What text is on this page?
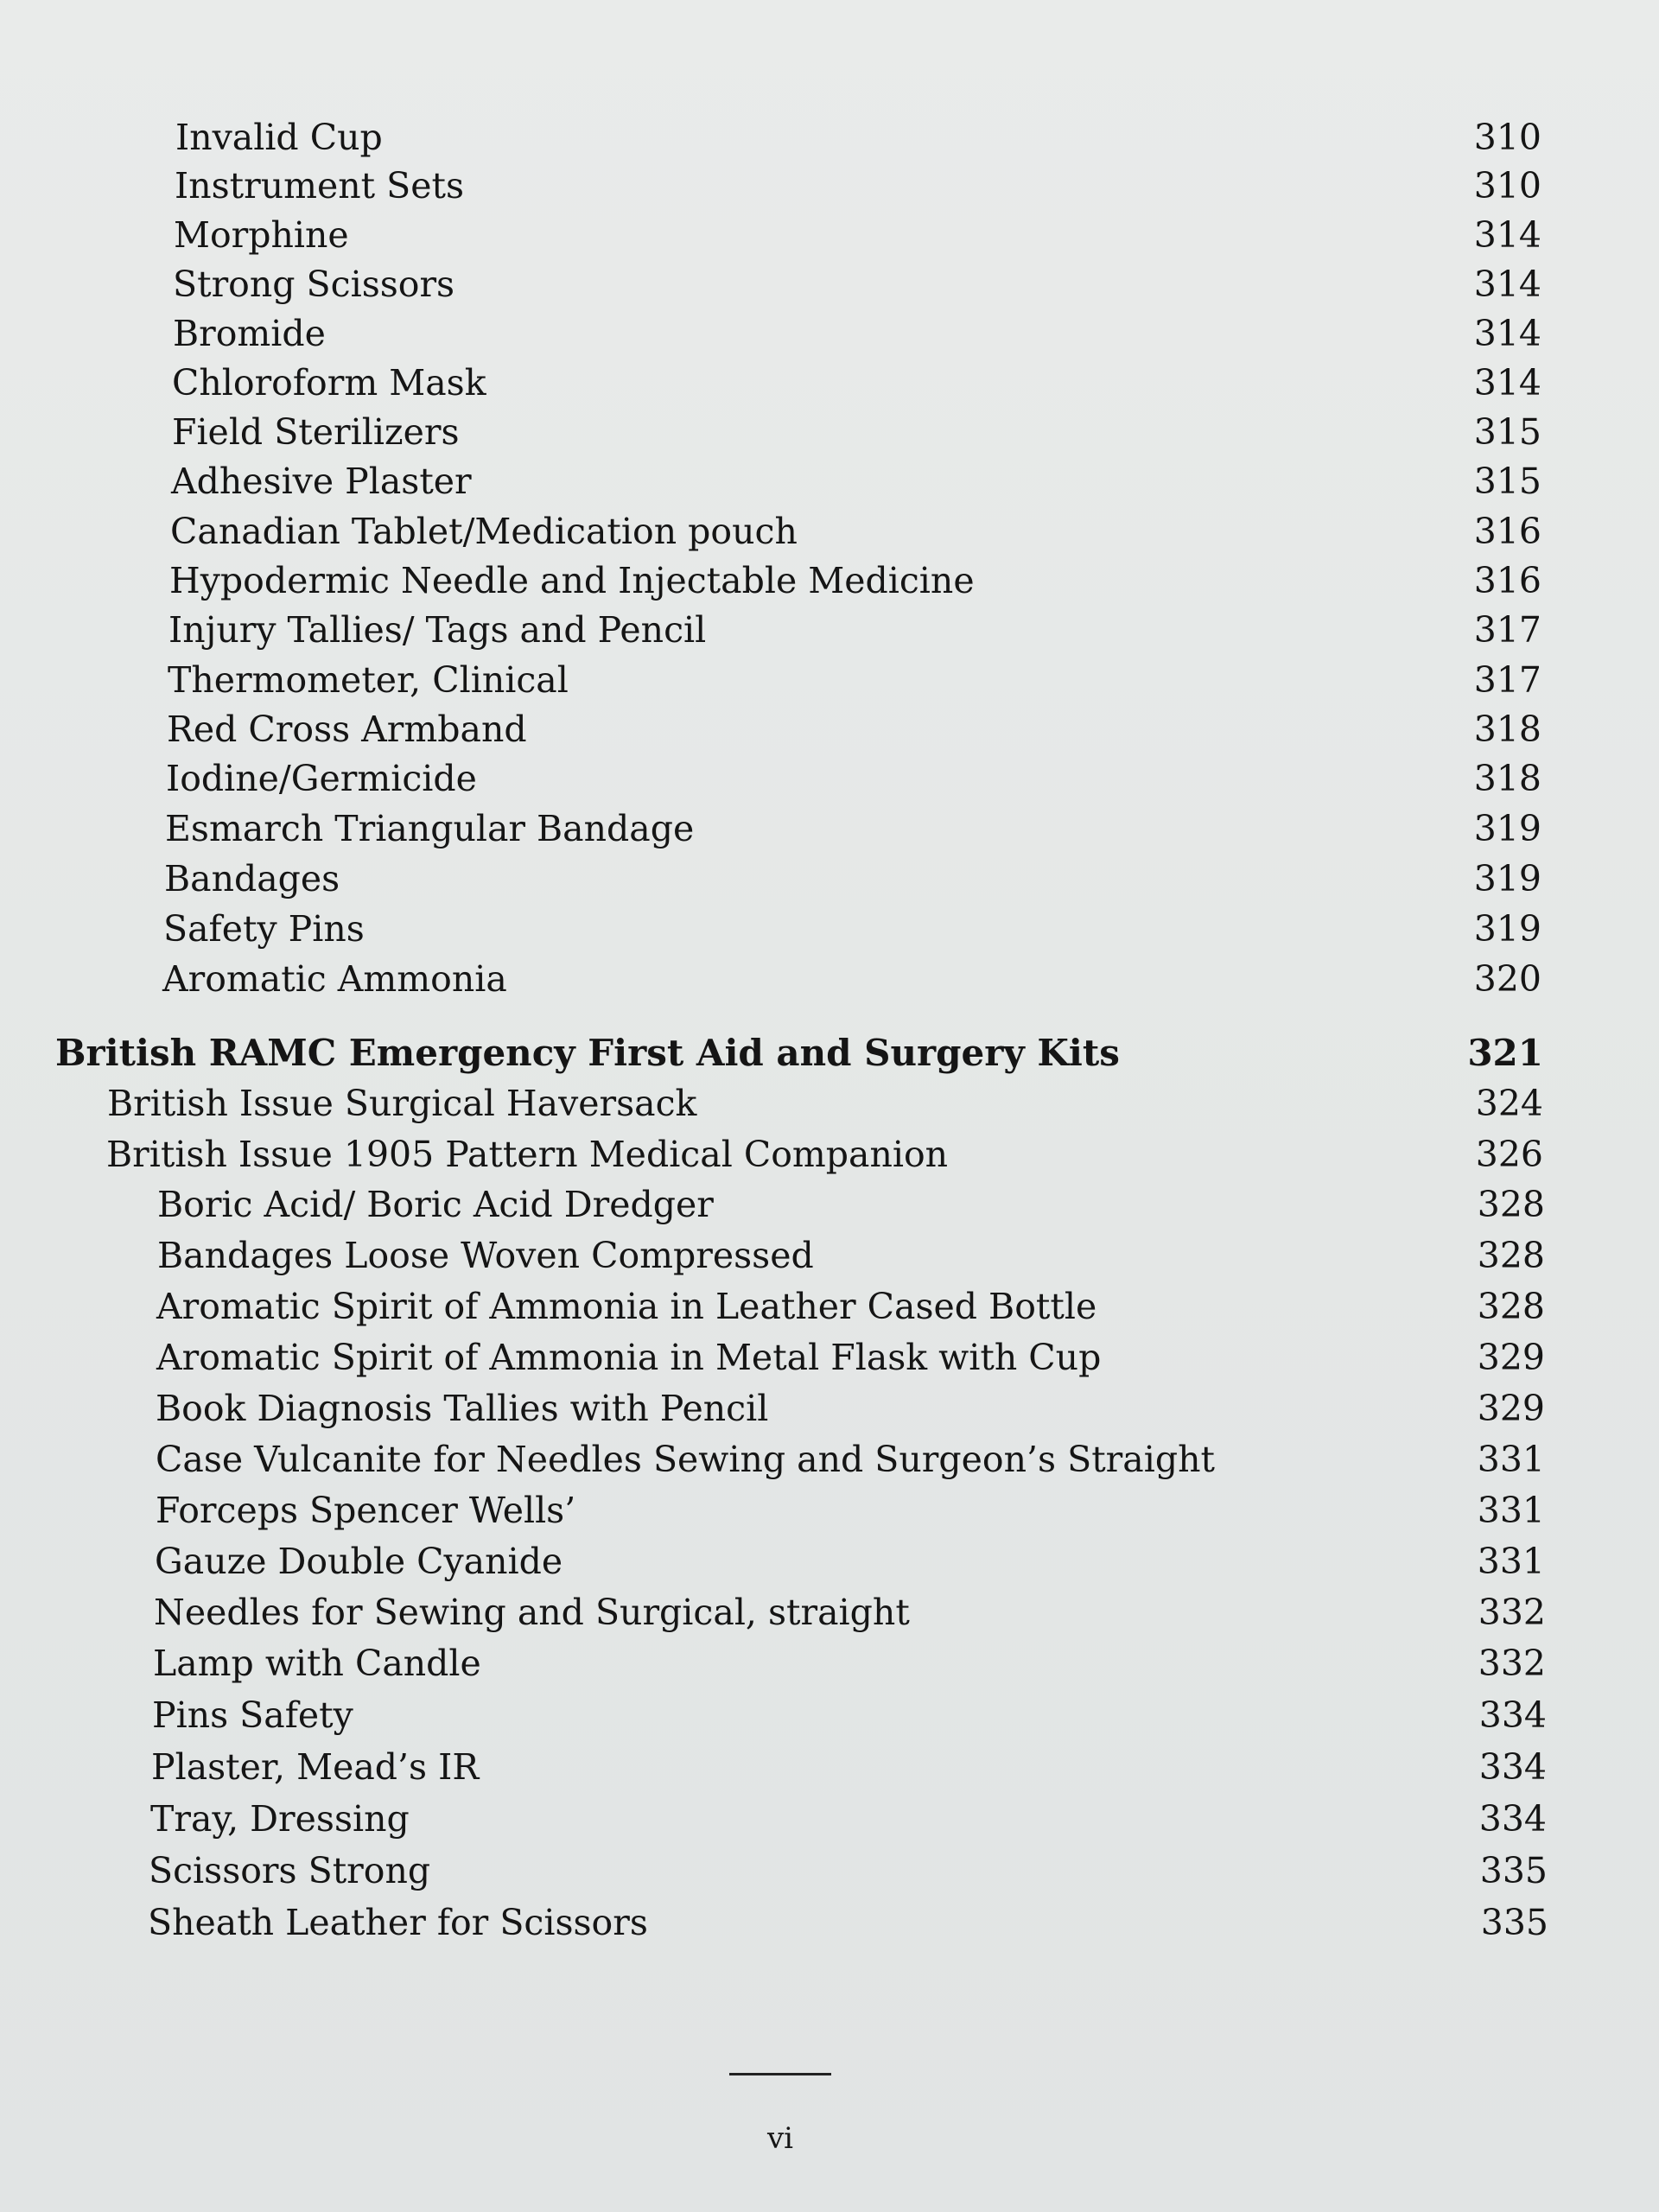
Invalid Cup	310
Instrument Sets	310
Morphine	314
Strong Scissors	314
Bromide	314
Chloroform Mask	314
Field Sterilizers	315
Adhesive Plaster	315
Canadian Tablet/Medication pouch	316
Hypodermic Needle and Injectable Medicine	316
Injury Tallies/ Tags and Pencil	317
Thermometer, Clinical	317
Red Cross Armband	318
Iodine/Germicide	318
Esmarch Triangular Bandage	319
Bandages	319
Safety Pins	319
Aromatic Ammonia	320
British RAMC Emergency First Aid and Surgery Kits	321
British Issue Surgical Haversack	324
British Issue 1905 Pattern Medical Companion	326
Boric Acid/ Boric Acid Dredger	328
Bandages Loose Woven Compressed	328
Aromatic Spirit of Ammonia in Leather Cased Bottle	328
Aromatic Spirit of Ammonia in Metal Flask with Cup	329
Book Diagnosis Tallies with Pencil	329
Case Vulcanite for Needles Sewing and Surgeon’s Straight	331
Forceps Spencer Wells’	331
Gauze Double Cyanide	331
Needles for Sewing and Surgical, straight	332
Lamp with Candle	332
Pins Safety	334
Plaster, Mead’s IR	334
Tray, Dressing	334
Scissors Strong	335
Sheath Leather for Scissors	335
vi
